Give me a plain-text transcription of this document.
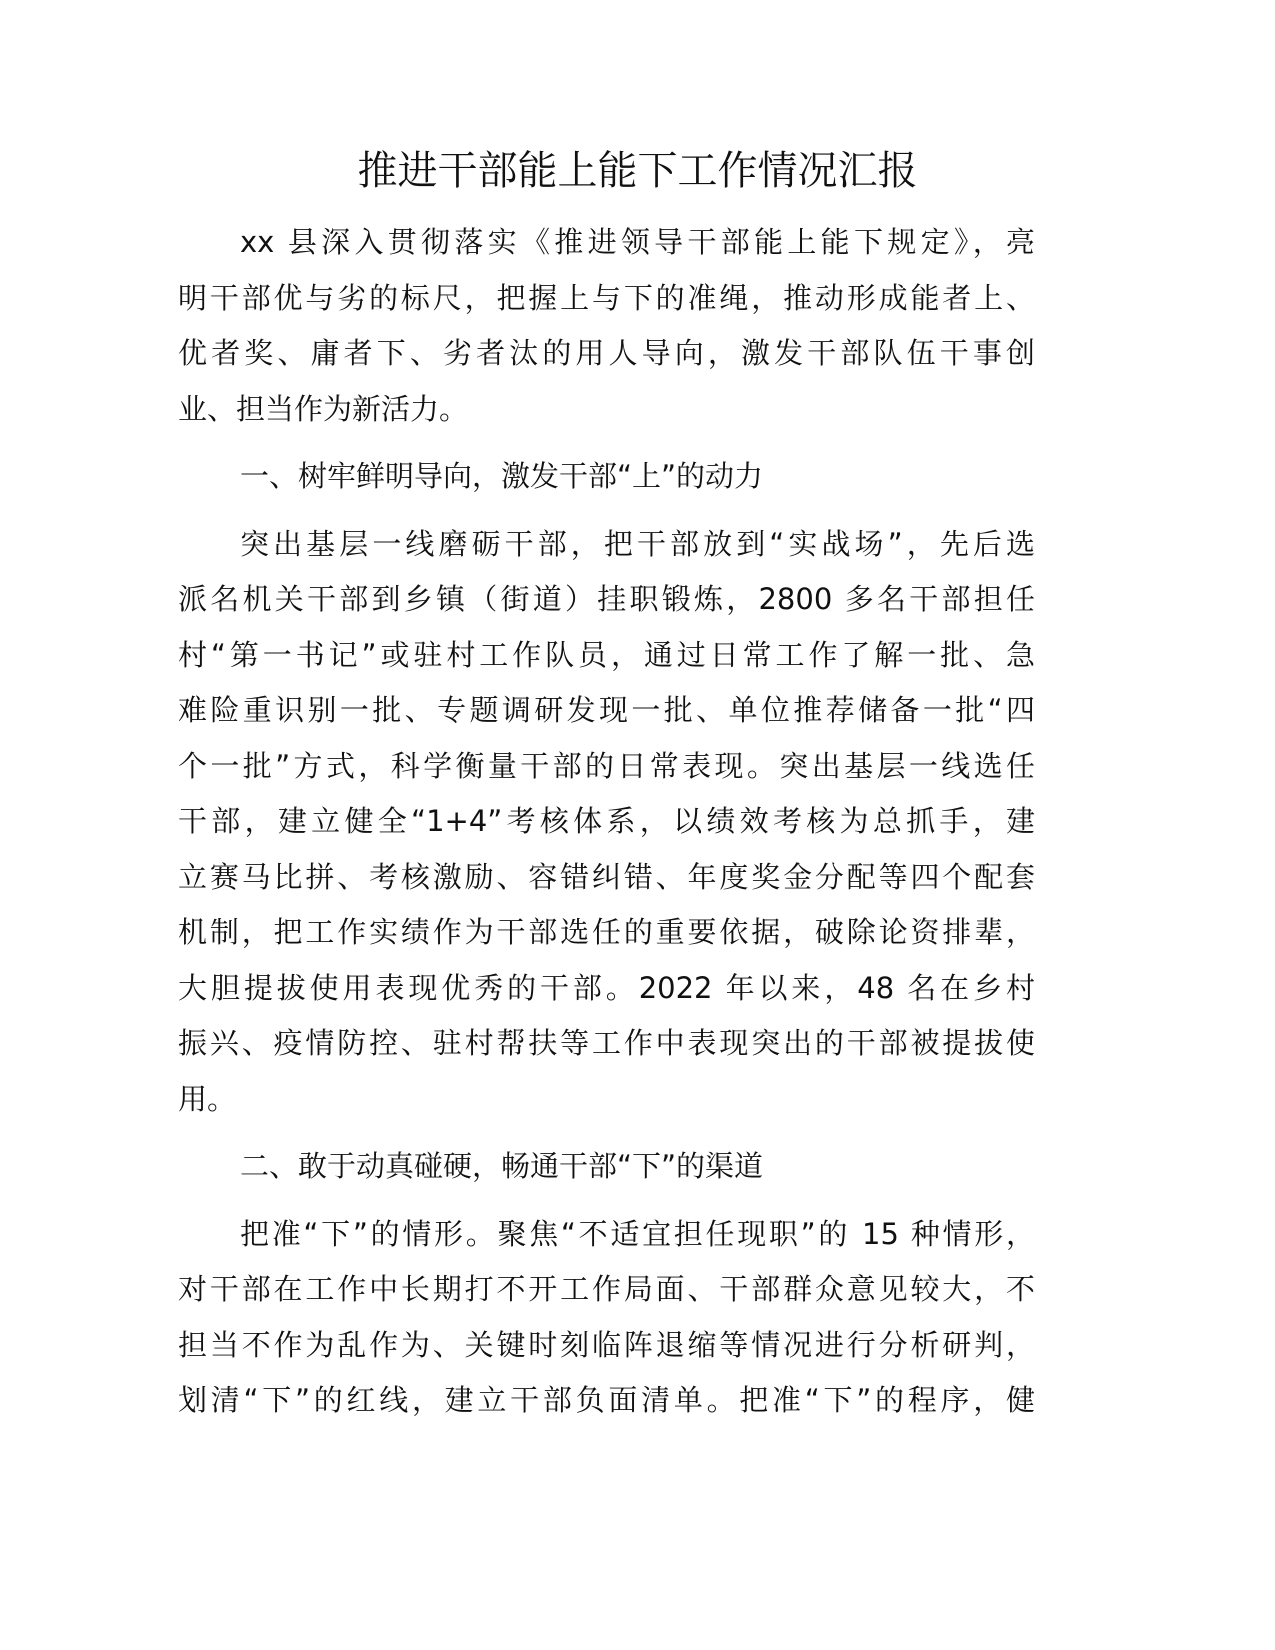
推进干部能上能下工作情况汇报
xx 县深入贯彻落实《推进领导干部能上能下规定》，亮
明干部优与劣的标尺，把握上与下的准绳，推动形成能者上、
优者奖、庸者下、劣者汰的用人导向，激发干部队伍干事创
业、担当作为新活力。
一、树牢鲜明导向，激发干部“上”的动力
突出基层一线磨砺干部，把干部放到“实战场”，先后选
派名机关干部到乡镇（街道）挂职锻炼，2800 多名干部担任
村“第一书记”或驻村工作队员，通过日常工作了解一批、急
难险重识别一批、专题调研发现一批、单位推荐储备一批“四
个一批”方式，科学衡量干部的日常表现。突出基层一线选任
干部，建立健全“1+4”考核体系，以绩效考核为总抓手，建
立赛马比拼、考核激励、容错纠错、年度奖金分配等四个配套
机制，把工作实绩作为干部选任的重要依据，破除论资排辈，
大胆提拔使用表现优秀的干部。2022 年以来，48 名在乡村
振兴、疫情防控、驻村帮扶等工作中表现突出的干部被提拔使
用。
二、敢于动真碰硬，畅通干部“下”的渠道
把准“下”的情形。聚焦“不适宜担任现职”的 15 种情形，
对干部在工作中长期打不开工作局面、干部群众意见较大，不
担当不作为乱作为、关键时刻临阵退缩等情况进行分析研判，
划清“下”的红线，建立干部负面清单。把准“下”的程序，健
